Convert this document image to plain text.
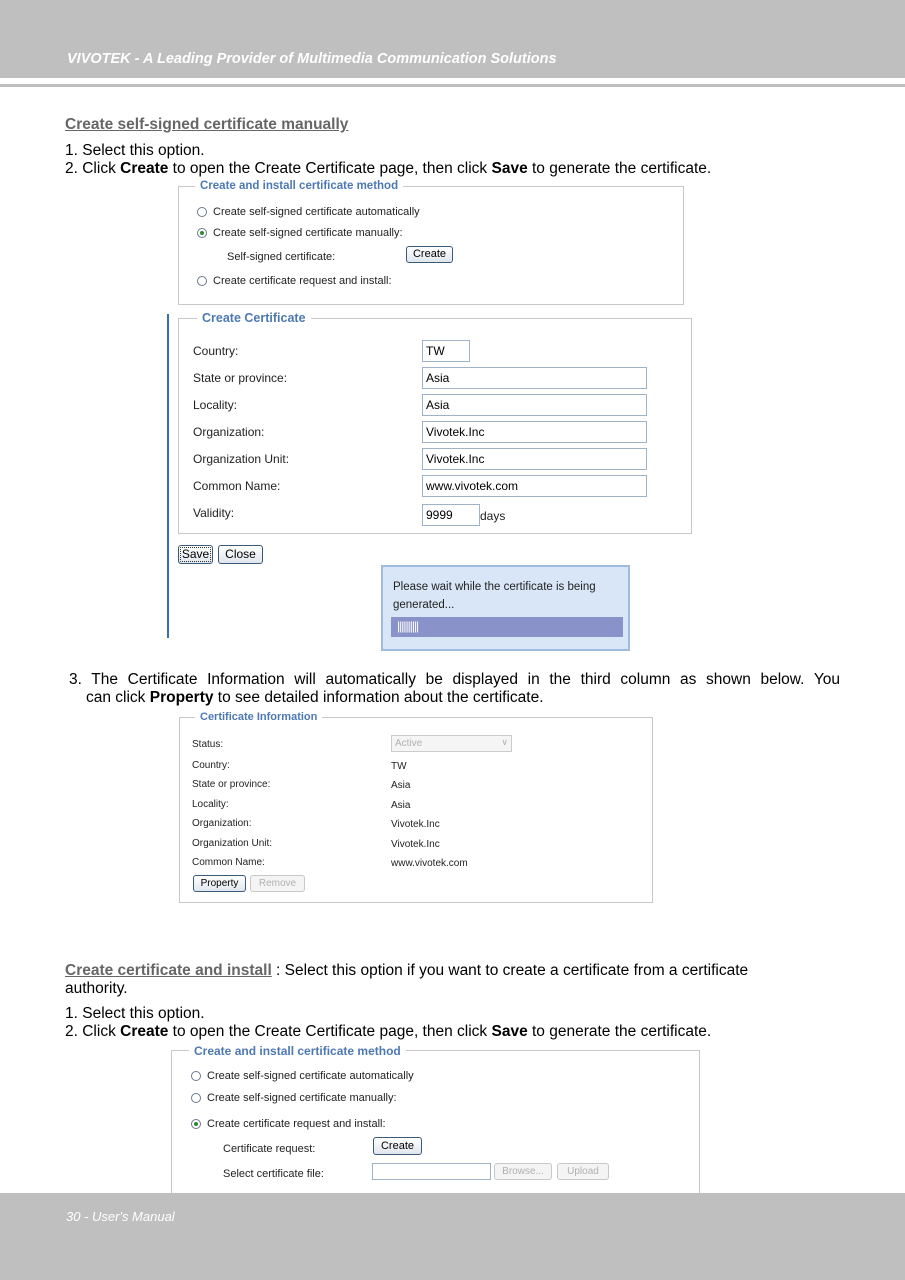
VIVOTEK - A Leading Provider of Multimedia Communication Solutions
Create self-signed certificate manually
1. Select this option.
2. Click Create to open the Create Certificate page, then click Save to generate the certificate.
Create and install certificate method
Create self-signed certificate automatically
Create self-signed certificate manually:
Self-signed certificate:	Create
Create certificate request and install:
Create Certificate
Country:	TW
State or province:	Asia
Locality:	Asia
Organization:	Vivotek.Inc
Organization Unit:	Vivotek.Inc
Common Name:	www.vivotek.com
Validity:	9999	days
Save	Close
Please wait while the certificate is being generated...
||||||||||
3. The Certificate Information will automatically be displayed in the third column as shown below. You
can click Property to see detailed information about the certificate.
Certificate Information
Status:	Active	∨
Country:	TW
State or province:	Asia
Locality:	Asia
Organization:	Vivotek.Inc
Organization Unit:	Vivotek.Inc
Common Name:	www.vivotek.com
Property	Remove
Create certificate and install : Select this option if you want to create a certificate from a certificate
authority.
1. Select this option.
2. Click Create to open the Create Certificate page, then click Save to generate the certificate.
Create and install certificate method
Create self-signed certificate automatically
Create self-signed certificate manually:
Create certificate request and install:
Certificate request:	Create
Select certificate file:	Browse...	Upload
30 - User's Manual
